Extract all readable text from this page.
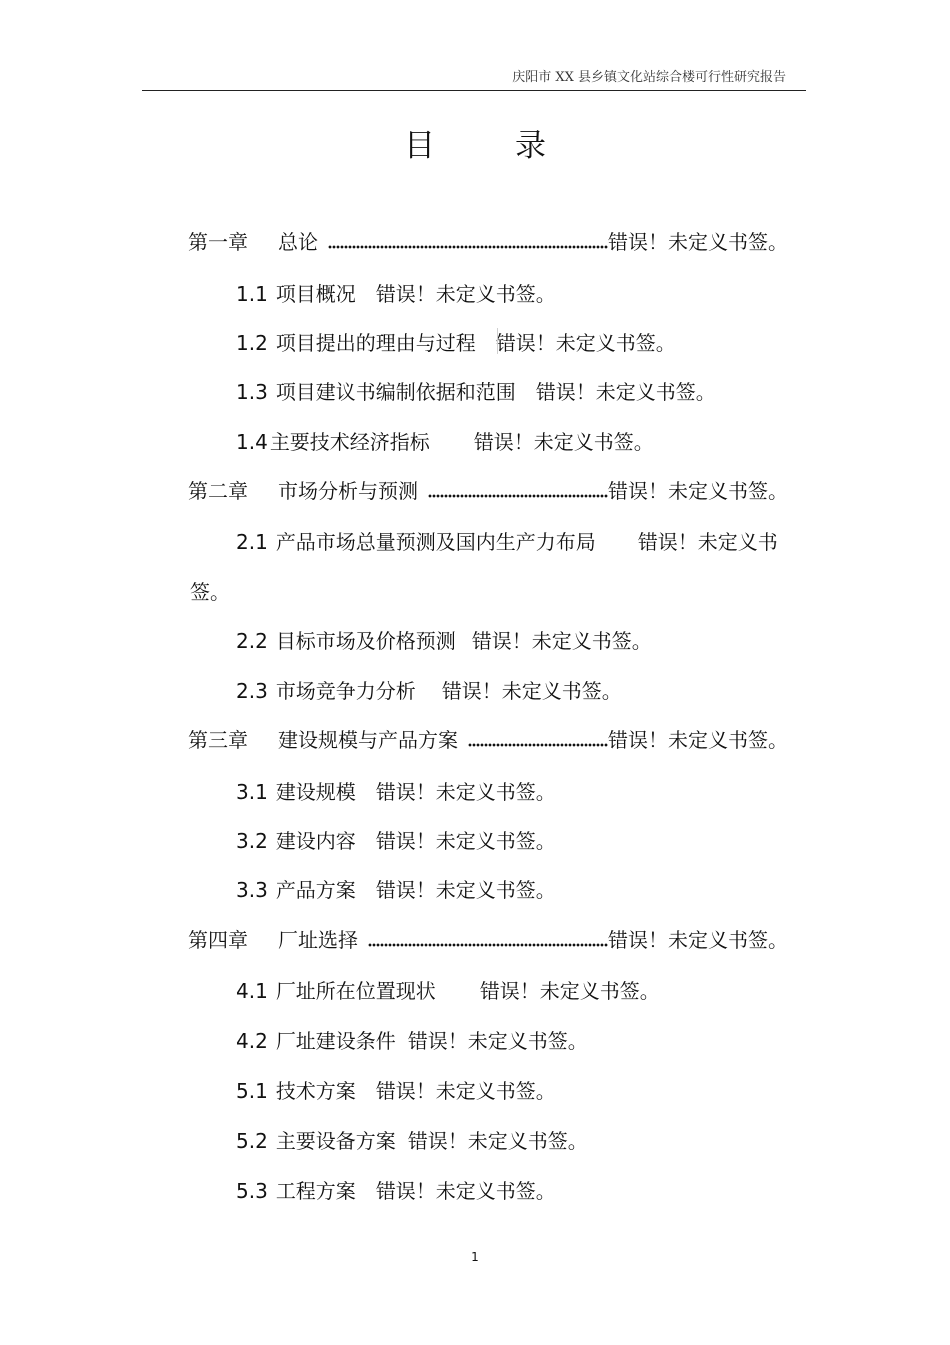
庆阳市 XX 县乡镇文化站综合楼可行性研究报告
目	录
第一章	总论	错误！未定义书签。
1.1 项目概况 错误！未定义书签。
1.2 项目提出的理由与过程 错误！未定义书签。
1.3 项目建议书编制依据和范围 错误！未定义书签。
1.4 主要技术经济指标 错误！未定义书签。
第二章	市场分析与预测	错误！未定义书签。
2.1 产品市场总量预测及国内生产力布局 错误！未定义书
签。
2.2 目标市场及价格预测 错误！未定义书签。
2.3 市场竞争力分析 错误！未定义书签。
第三章	建设规模与产品方案	错误！未定义书签。
3.1 建设规模 错误！未定义书签。
3.2 建设内容 错误！未定义书签。
3.3 产品方案 错误！未定义书签。
第四章	厂址选择	错误！未定义书签。
4.1 厂址所在位置现状 错误！未定义书签。
4.2 厂址建设条件 错误！未定义书签。
5.1 技术方案 错误！未定义书签。
5.2 主要设备方案 错误！未定义书签。
5.3 工程方案 错误！未定义书签。
1
